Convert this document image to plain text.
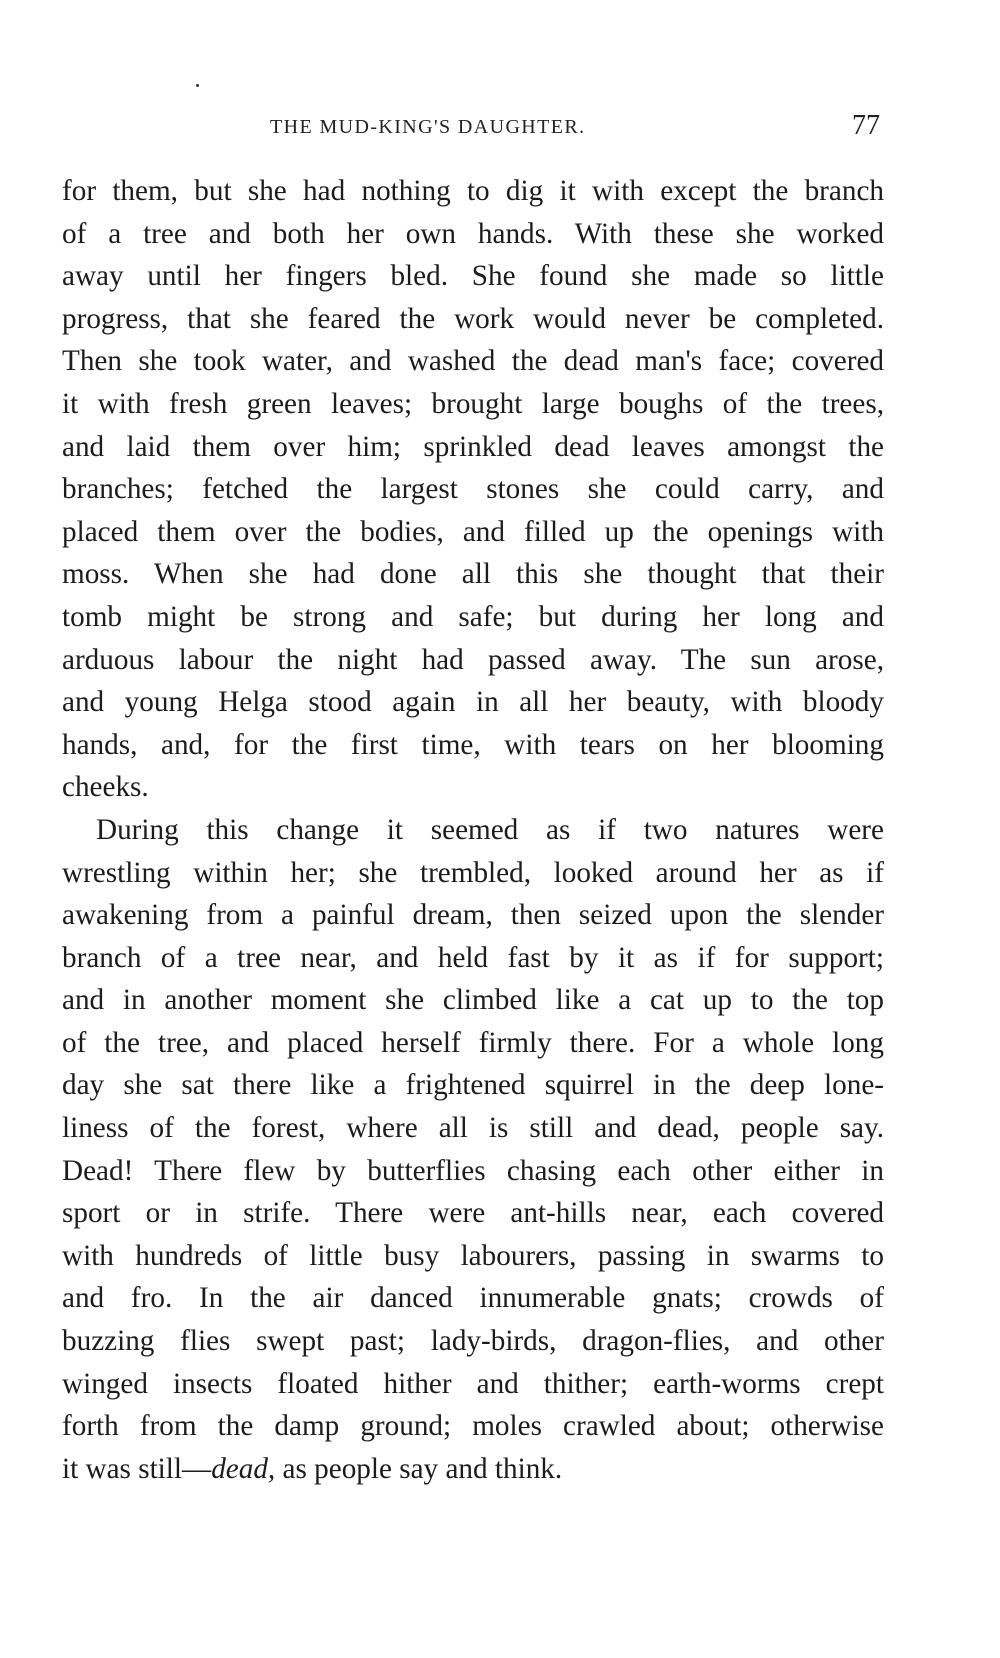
THE MUD-KING'S DAUGHTER.	77
for them, but she had nothing to dig it with except the branch
of a tree and both her own hands. With these she worked
away until her fingers bled. She found she made so little
progress, that she feared the work would never be completed.
Then she took water, and washed the dead man's face; covered
it with fresh green leaves; brought large boughs of the trees,
and laid them over him; sprinkled dead leaves amongst the
branches; fetched the largest stones she could carry, and
placed them over the bodies, and filled up the openings with
moss. When she had done all this she thought that their
tomb might be strong and safe; but during her long and
arduous labour the night had passed away. The sun arose,
and young Helga stood again in all her beauty, with bloody
hands, and, for the first time, with tears on her blooming
cheeks.
During this change it seemed as if two natures were
wrestling within her; she trembled, looked around her as if
awakening from a painful dream, then seized upon the slender
branch of a tree near, and held fast by it as if for support;
and in another moment she climbed like a cat up to the top
of the tree, and placed herself firmly there. For a whole long
day she sat there like a frightened squirrel in the deep lone-
liness of the forest, where all is still and dead, people say.
Dead! There flew by butterflies chasing each other either in
sport or in strife. There were ant-hills near, each covered
with hundreds of little busy labourers, passing in swarms to
and fro. In the air danced innumerable gnats; crowds of
buzzing flies swept past; lady-birds, dragon-flies, and other
winged insects floated hither and thither; earth-worms crept
forth from the damp ground; moles crawled about; otherwise
it was still—dead, as people say and think.
